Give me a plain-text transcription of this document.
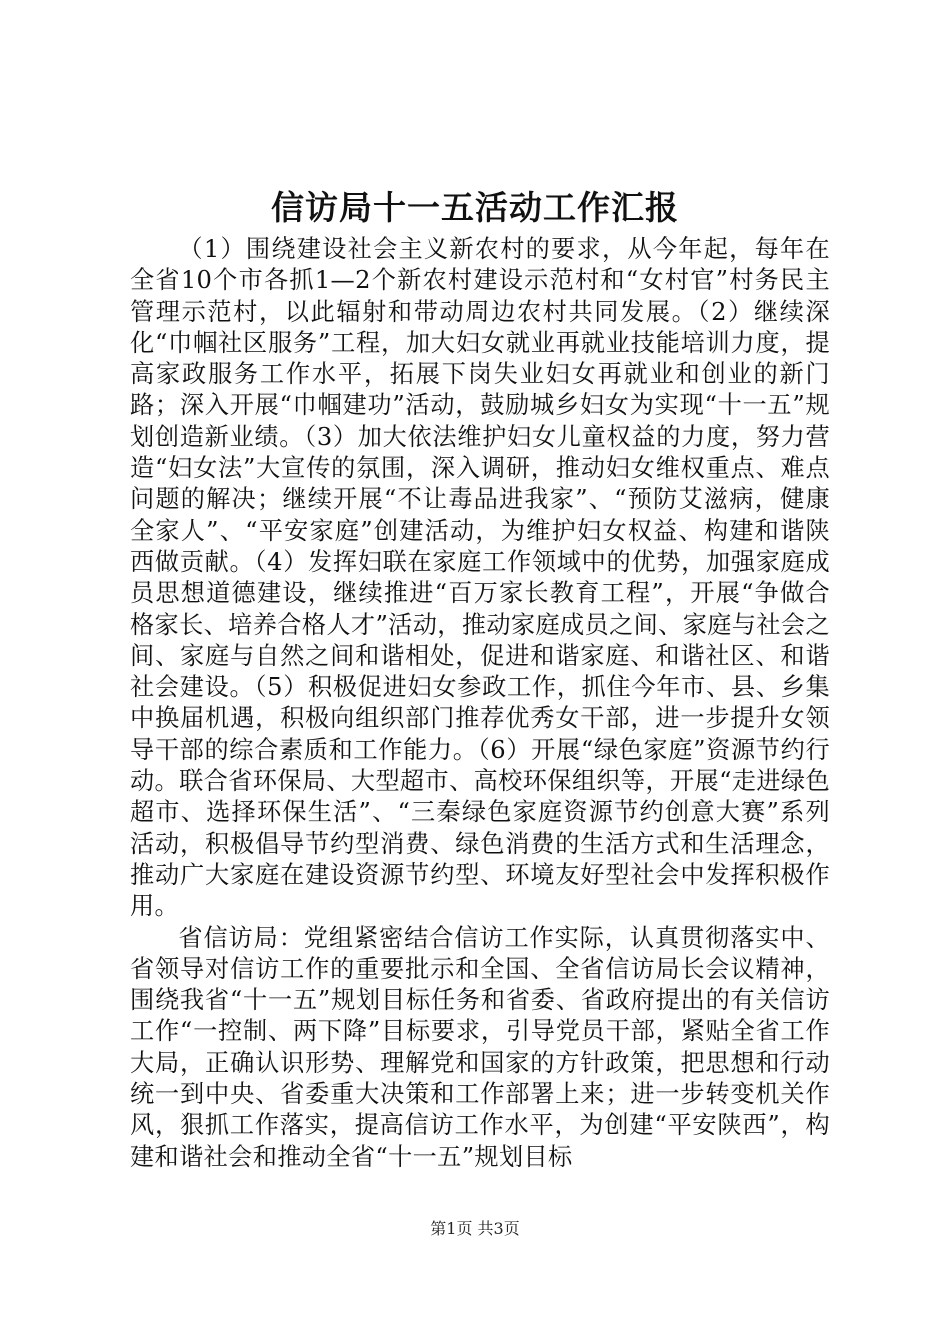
信访局十一五活动工作汇报

（1）围绕建设社会主义新农村的要求，从今年起，每年在全省10个市各抓1—2个新农村建设示范村和“女村官”村务民主管理示范村，以此辐射和带动周边农村共同发展。（2）继续深化“巾帼社区服务”工程，加大妇女就业再就业技能培训力度，提高家政服务工作水平，拓展下岗失业妇女再就业和创业的新门路；深入开展“巾帼建功”活动，鼓励城乡妇女为实现“十一五”规划创造新业绩。（3）加大依法维护妇女儿童权益的力度，努力营造“妇女法”大宣传的氛围，深入调研，推动妇女维权重点、难点问题的解决；继续开展“不让毒品进我家”、“预防艾滋病，健康全家人”、“平安家庭”创建活动，为维护妇女权益、构建和谐陕西做贡献。（4）发挥妇联在家庭工作领域中的优势，加强家庭成员思想道德建设，继续推进“百万家长教育工程”，开展“争做合格家长、培养合格人才”活动，推动家庭成员之间、家庭与社会之间、家庭与自然之间和谐相处，促进和谐家庭、和谐社区、和谐社会建设。（5）积极促进妇女参政工作，抓住今年市、县、乡集中换届机遇，积极向组织部门推荐优秀女干部，进一步提升女领导干部的综合素质和工作能力。（6）开展“绿色家庭”资源节约行动。联合省环保局、大型超市、高校环保组织等，开展“走进绿色超市、选择环保生活”、“三秦绿色家庭资源节约创意大赛”系列活动，积极倡导节约型消费、绿色消费的生活方式和生活理念，推动广大家庭在建设资源节约型、环境友好型社会中发挥积极作用。

省信访局：党组紧密结合信访工作实际，认真贯彻落实中、省领导对信访工作的重要批示和全国、全省信访局长会议精神，围绕我省“十一五”规划目标任务和省委、省政府提出的有关信访工作“一控制、两下降”目标要求，引导党员干部，紧贴全省工作大局，正确认识形势、理解党和国家的方针政策，把思想和行动统一到中央、省委重大决策和工作部署上来；进一步转变机关作风，狠抓工作落实，提高信访工作水平，为创建“平安陕西”，构建和谐社会和推动全省“十一五”规划目标

第1页 共3页
